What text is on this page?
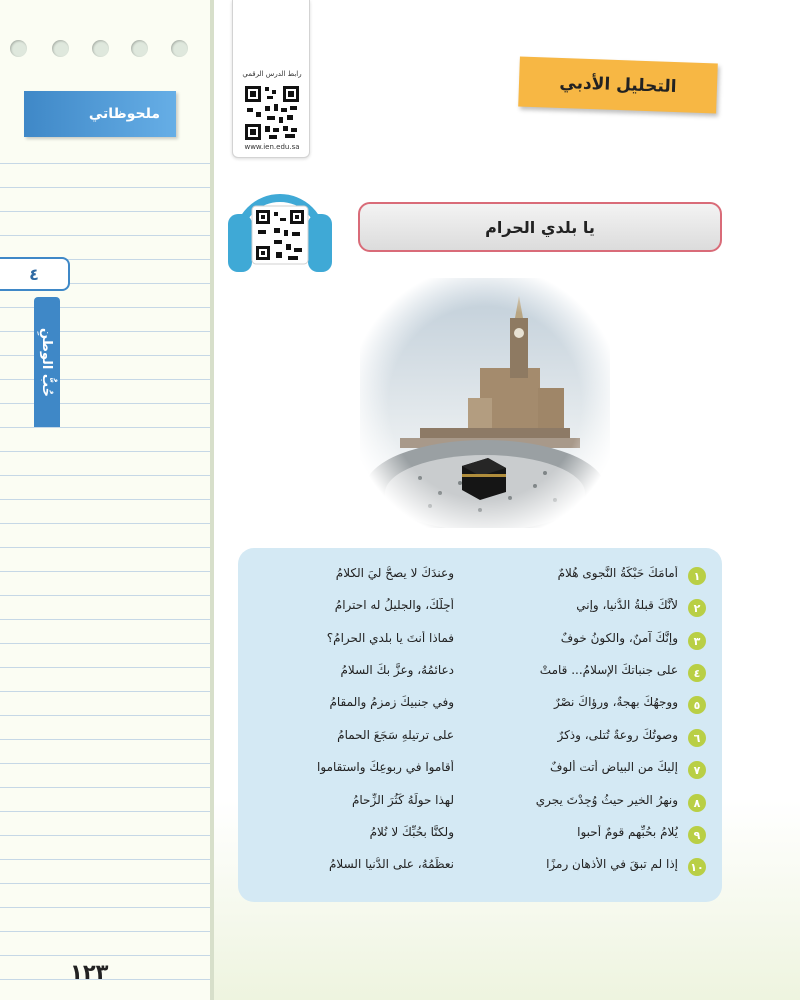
ملحوظاتي
٤
حُبُّ الوطنِ
١٢٣
رابط الدرس الرقمي
www.ien.edu.sa
التحليل الأدبي
يا بلدي الحرام
١
أمامَكَ حَبْكَةُ النَّجوى هُلامٌ
وعندَكَ لا يصحُّ ليَ الكلامُ
٢
لأنَّكَ قبلةُ الدُّنيا، وإني
أُجِلُّكَ، والجليلُ له احترامُ
٣
وإنَّكَ آمنٌ، والكونُ خوفٌ
فماذا أنتَ يا بلدي الحرامُ؟
٤
على جنباتكَ الإسلامُ... قامتْ
دعائمُهُ، وعزَّ بكَ السلامُ
٥
ووجهُكَ بهجةٌ، ورؤاكَ نصْرٌ
وفي جنبيكَ زمزمُ والمقامُ
٦
وصوتُكَ روعةٌ تُتلى، وذكرٌ
على ترتيلهِ سَجَعَ الحمامُ
٧
إليكَ من البياضِ أتت ألوفٌ
أقاموا في ربوعِكَ واستقاموا
٨
ونهرُ الخيرِ حيثُ وُجِدْتَ يجري
لهذا حولَهُ كَثُرَ الزِّحامُ
٩
يُلامُ بحُبِّهم قومٌ أحبوا
ولكنَّا بحُبِّكَ لا نُلامُ
١٠
إذا لم تبقَ في الأذهانِ رمزًا
نعظِّمُهُ، على الدُّنيا السلامُ
